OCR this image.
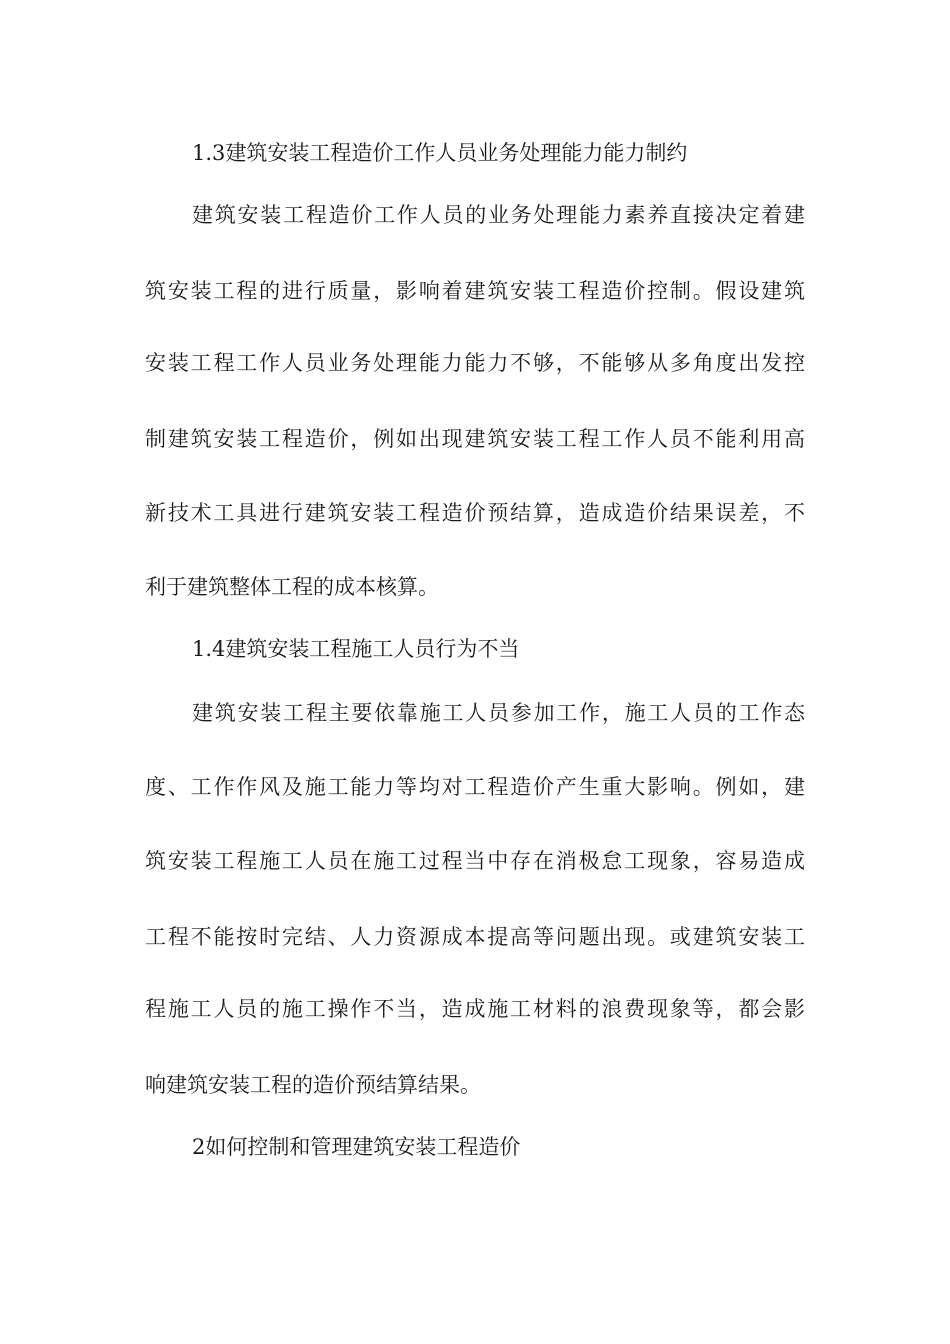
1.3建筑安装工程造价工作人员业务处理能力能力制约
建筑安装工程造价工作人员的业务处理能力素养直接决定着建
筑安装工程的进行质量，影响着建筑安装工程造价控制。假设建筑
安装工程工作人员业务处理能力能力不够，不能够从多角度出发控
制建筑安装工程造价，例如出现建筑安装工程工作人员不能利用高
新技术工具进行建筑安装工程造价预结算，造成造价结果误差，不
利于建筑整体工程的成本核算。
1.4建筑安装工程施工人员行为不当
建筑安装工程主要依靠施工人员参加工作，施工人员的工作态
度、工作作风及施工能力等均对工程造价产生重大影响。例如，建
筑安装工程施工人员在施工过程当中存在消极怠工现象，容易造成
工程不能按时完结、人力资源成本提高等问题出现。或建筑安装工
程施工人员的施工操作不当，造成施工材料的浪费现象等，都会影
响建筑安装工程的造价预结算结果。
2如何控制和管理建筑安装工程造价
